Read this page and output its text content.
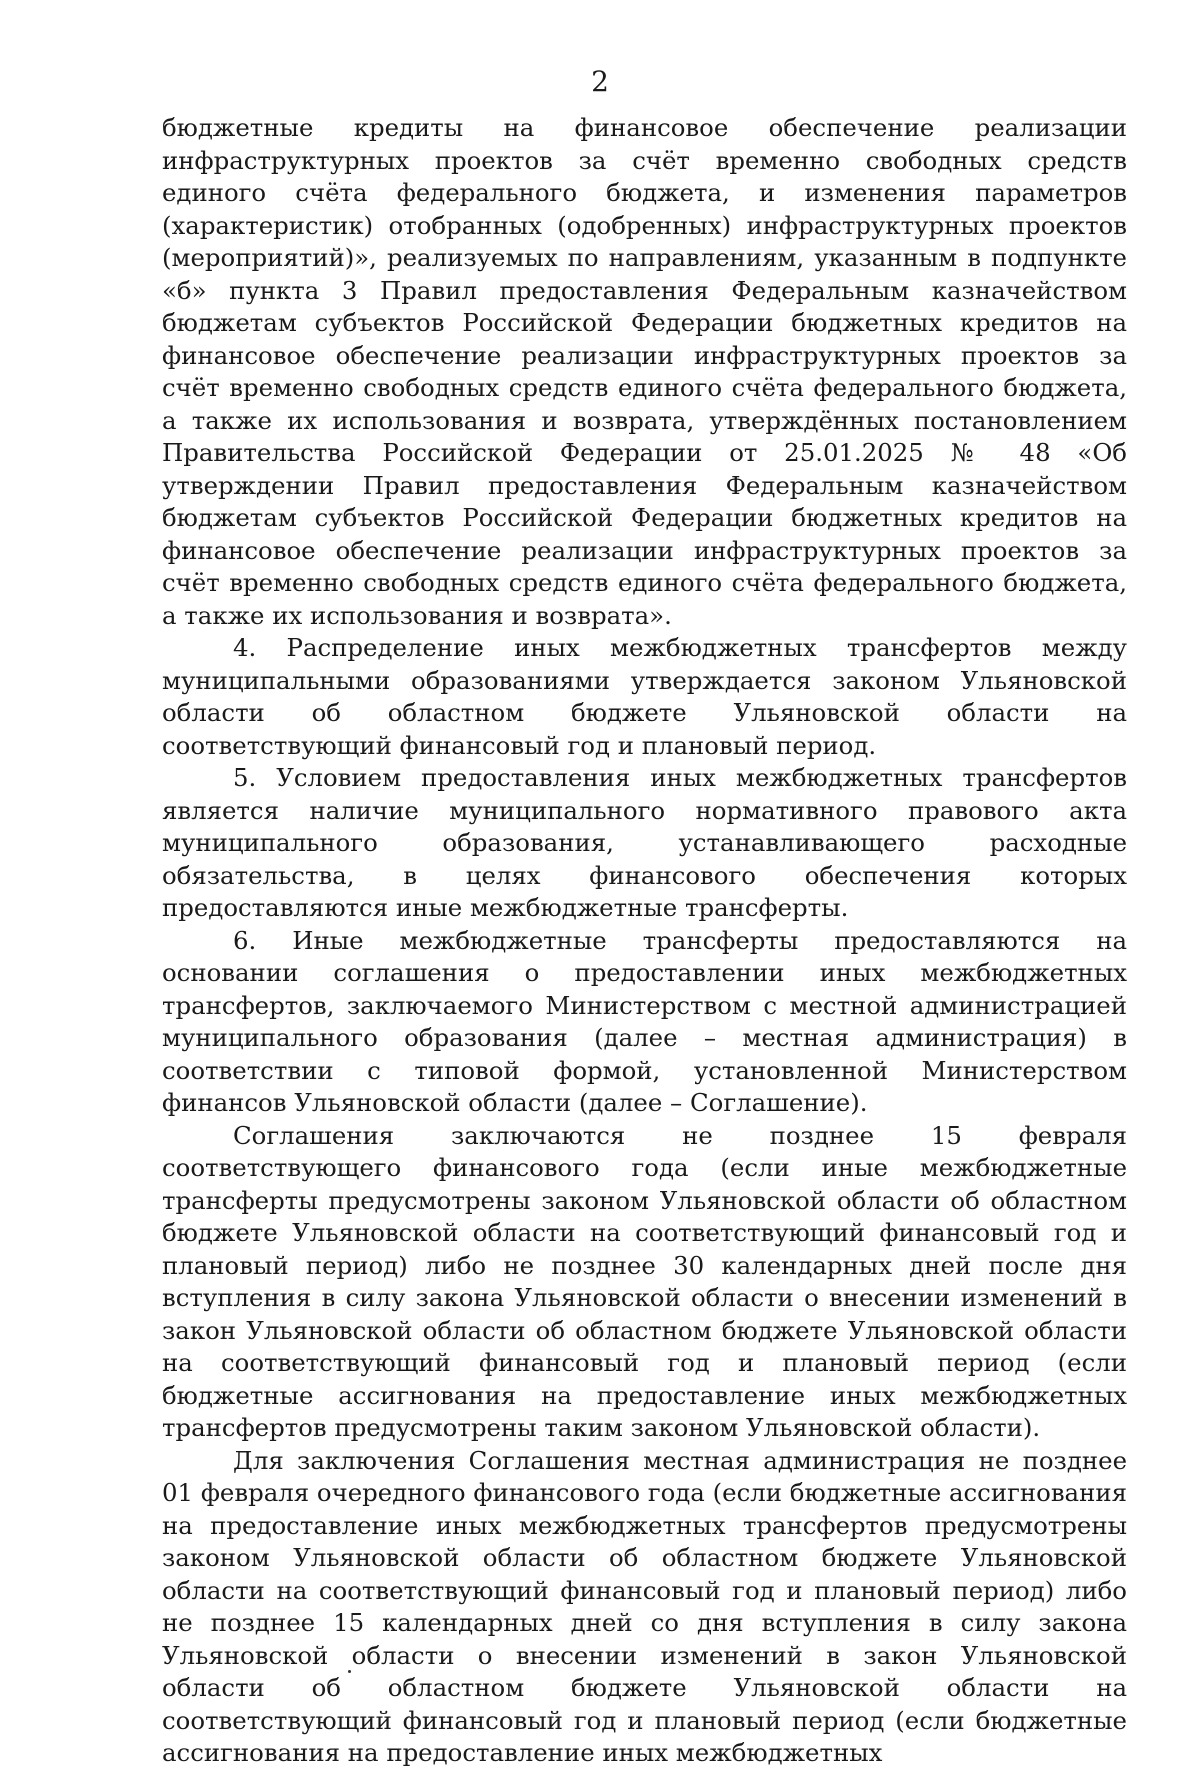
2

бюджетные кредиты на финансовое обеспечение реализации инфраструктурных проектов за счёт временно свободных средств единого счёта федерального бюджета, и изменения параметров (характеристик) отобранных (одобренных) инфраструктурных проектов (мероприятий)», реализуемых по направлениям, указанным в подпункте «б» пункта 3 Правил предоставления Федеральным казначейством бюджетам субъектов Российской Федерации бюджетных кредитов на финансовое обеспечение реализации инфраструктурных проектов за счёт временно свободных средств единого счёта федерального бюджета, а также их использования и возврата, утверждённых постановлением Правительства Российской Федерации от 25.01.2025 № 48 «Об утверждении Правил предоставления Федеральным казначейством бюджетам субъектов Российской Федерации бюджетных кредитов на финансовое обеспечение реализации инфраструктурных проектов за счёт временно свободных средств единого счёта федерального бюджета, а также их использования и возврата».

4. Распределение иных межбюджетных трансфертов между муниципальными образованиями утверждается законом Ульяновской области об областном бюджете Ульяновской области на соответствующий финансовый год и плановый период.

5. Условием предоставления иных межбюджетных трансфертов является наличие муниципального нормативного правового акта муниципального образования, устанавливающего расходные обязательства, в целях финансового обеспечения которых предоставляются иные межбюджетные трансферты.

6. Иные межбюджетные трансферты предоставляются на основании соглашения о предоставлении иных межбюджетных трансфертов, заключаемого Министерством с местной администрацией муниципального образования (далее – местная администрация) в соответствии с типовой формой, установленной Министерством финансов Ульяновской области (далее – Соглашение).

Соглашения заключаются не позднее 15 февраля соответствующего финансового года (если иные межбюджетные трансферты предусмотрены законом Ульяновской области об областном бюджете Ульяновской области на соответствующий финансовый год и плановый период) либо не позднее 30 календарных дней после дня вступления в силу закона Ульяновской области о внесении изменений в закон Ульяновской области об областном бюджете Ульяновской области на соответствующий финансовый год и плановый период (если бюджетные ассигнования на предоставление иных межбюджетных трансфертов предусмотрены таким законом Ульяновской области).

Для заключения Соглашения местная администрация не позднее 01 февраля очередного финансового года (если бюджетные ассигнования на предоставление иных межбюджетных трансфертов предусмотрены законом Ульяновской области об областном бюджете Ульяновской области на соответствующий финансовый год и плановый период) либо не позднее 15 календарных дней со дня вступления в силу закона Ульяновской области о внесении изменений в закон Ульяновской области об областном бюджете Ульяновской области на соответствующий финансовый год и плановый период (если бюджетные ассигнования на предоставление иных межбюджетных
